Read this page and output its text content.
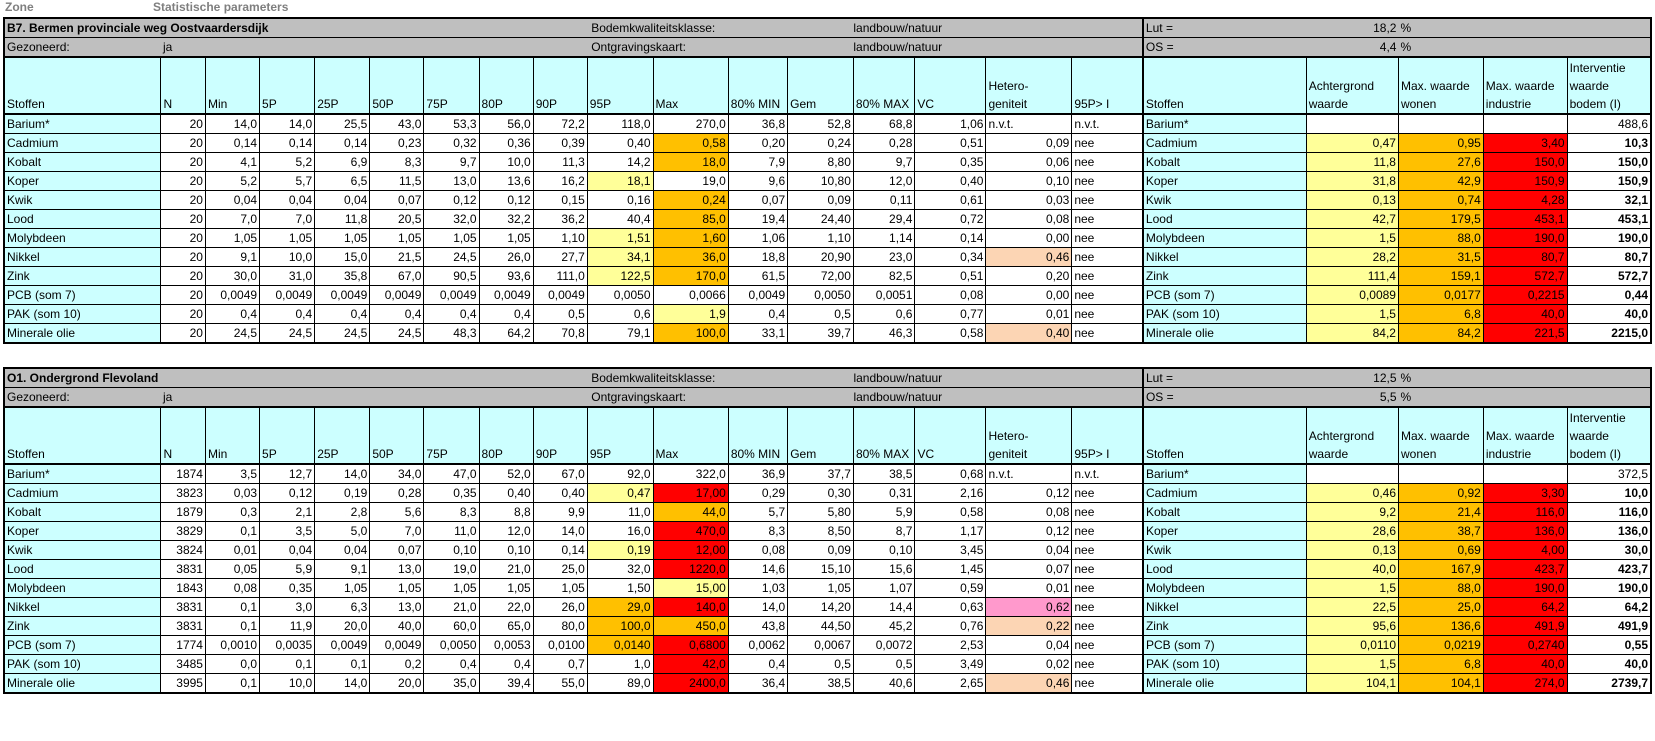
Zone	Statistische parameters
B7. Bermen provinciale weg Oostvaardersdijk								Bodemkwaliteitsklasse:					landbouw/natuur				Lut =	18,2	%		
Gezoneerd:	ja							Ontgravingskaart:					landbouw/natuur				OS =	4,4	%		
Stoffen	N	Min	5P	25P	50P	75P	80P	90P	95P	Max	80% MIN	Gem	80% MAX	VC	Hetero- geniteit	95P> I	Stoffen	Achtergrond waarde	Max. waarde wonen	Max. waarde industrie	Interventie waarde bodem (I)
Barium*	20	14,0	14,0	25,5	43,0	53,3	56,0	72,2	118,0	270,0	36,8	52,8	68,8	1,06	n.v.t.	n.v.t.	Barium*				488,6
Cadmium	20	0,14	0,14	0,14	0,23	0,32	0,36	0,39	0,40	0,58	0,20	0,24	0,28	0,51	0,09	nee	Cadmium	0,47	0,95	3,40	10,3
Kobalt	20	4,1	5,2	6,9	8,3	9,7	10,0	11,3	14,2	18,0	7,9	8,80	9,7	0,35	0,06	nee	Kobalt	11,8	27,6	150,0	150,0
Koper	20	5,2	5,7	6,5	11,5	13,0	13,6	16,2	18,1	19,0	9,6	10,80	12,0	0,40	0,10	nee	Koper	31,8	42,9	150,9	150,9
Kwik	20	0,04	0,04	0,04	0,07	0,12	0,12	0,15	0,16	0,24	0,07	0,09	0,11	0,61	0,03	nee	Kwik	0,13	0,74	4,28	32,1
Lood	20	7,0	7,0	11,8	20,5	32,0	32,2	36,2	40,4	85,0	19,4	24,40	29,4	0,72	0,08	nee	Lood	42,7	179,5	453,1	453,1
Molybdeen	20	1,05	1,05	1,05	1,05	1,05	1,05	1,10	1,51	1,60	1,06	1,10	1,14	0,14	0,00	nee	Molybdeen	1,5	88,0	190,0	190,0
Nikkel	20	9,1	10,0	15,0	21,5	24,5	26,0	27,7	34,1	36,0	18,8	20,90	23,0	0,34	0,46	nee	Nikkel	28,2	31,5	80,7	80,7
Zink	20	30,0	31,0	35,8	67,0	90,5	93,6	111,0	122,5	170,0	61,5	72,00	82,5	0,51	0,20	nee	Zink	111,4	159,1	572,7	572,7
PCB (som 7)	20	0,0049	0,0049	0,0049	0,0049	0,0049	0,0049	0,0049	0,0050	0,0066	0,0049	0,0050	0,0051	0,08	0,00	nee	PCB (som 7)	0,0089	0,0177	0,2215	0,44
PAK (som 10)	20	0,4	0,4	0,4	0,4	0,4	0,4	0,5	0,6	1,9	0,4	0,5	0,6	0,77	0,01	nee	PAK (som 10)	1,5	6,8	40,0	40,0
Minerale olie	20	24,5	24,5	24,5	24,5	48,3	64,2	70,8	79,1	100,0	33,1	39,7	46,3	0,58	0,40	nee	Minerale olie	84,2	84,2	221,5	2215,0
O1. Ondergrond Flevoland								Bodemkwaliteitsklasse:					landbouw/natuur				Lut =	12,5	%		
Gezoneerd:	ja							Ontgravingskaart:					landbouw/natuur				OS =	5,5	%		
Stoffen	N	Min	5P	25P	50P	75P	80P	90P	95P	Max	80% MIN	Gem	80% MAX	VC	Hetero- geniteit	95P> I	Stoffen	Achtergrond waarde	Max. waarde wonen	Max. waarde industrie	Interventie waarde bodem (I)
Barium*	1874	3,5	12,7	14,0	34,0	47,0	52,0	67,0	92,0	322,0	36,9	37,7	38,5	0,68	n.v.t.	n.v.t.	Barium*				372,5
Cadmium	3823	0,03	0,12	0,19	0,28	0,35	0,40	0,40	0,47	17,00	0,29	0,30	0,31	2,16	0,12	nee	Cadmium	0,46	0,92	3,30	10,0
Kobalt	1879	0,3	2,1	2,8	5,6	8,3	8,8	9,9	11,0	44,0	5,7	5,80	5,9	0,58	0,08	nee	Kobalt	9,2	21,4	116,0	116,0
Koper	3829	0,1	3,5	5,0	7,0	11,0	12,0	14,0	16,0	470,0	8,3	8,50	8,7	1,17	0,12	nee	Koper	28,6	38,7	136,0	136,0
Kwik	3824	0,01	0,04	0,04	0,07	0,10	0,10	0,14	0,19	12,00	0,08	0,09	0,10	3,45	0,04	nee	Kwik	0,13	0,69	4,00	30,0
Lood	3831	0,05	5,9	9,1	13,0	19,0	21,0	25,0	32,0	1220,0	14,6	15,10	15,6	1,45	0,07	nee	Lood	40,0	167,9	423,7	423,7
Molybdeen	1843	0,08	0,35	1,05	1,05	1,05	1,05	1,05	1,50	15,00	1,03	1,05	1,07	0,59	0,01	nee	Molybdeen	1,5	88,0	190,0	190,0
Nikkel	3831	0,1	3,0	6,3	13,0	21,0	22,0	26,0	29,0	140,0	14,0	14,20	14,4	0,63	0,62	nee	Nikkel	22,5	25,0	64,2	64,2
Zink	3831	0,1	11,9	20,0	40,0	60,0	65,0	80,0	100,0	450,0	43,8	44,50	45,2	0,76	0,22	nee	Zink	95,6	136,6	491,9	491,9
PCB (som 7)	1774	0,0010	0,0035	0,0049	0,0049	0,0050	0,0053	0,0100	0,0140	0,6800	0,0062	0,0067	0,0072	2,53	0,04	nee	PCB (som 7)	0,0110	0,0219	0,2740	0,55
PAK (som 10)	3485	0,0	0,1	0,1	0,2	0,4	0,4	0,7	1,0	42,0	0,4	0,5	0,5	3,49	0,02	nee	PAK (som 10)	1,5	6,8	40,0	40,0
Minerale olie	3995	0,1	10,0	14,0	20,0	35,0	39,4	55,0	89,0	2400,0	36,4	38,5	40,6	2,65	0,46	nee	Minerale olie	104,1	104,1	274,0	2739,7
